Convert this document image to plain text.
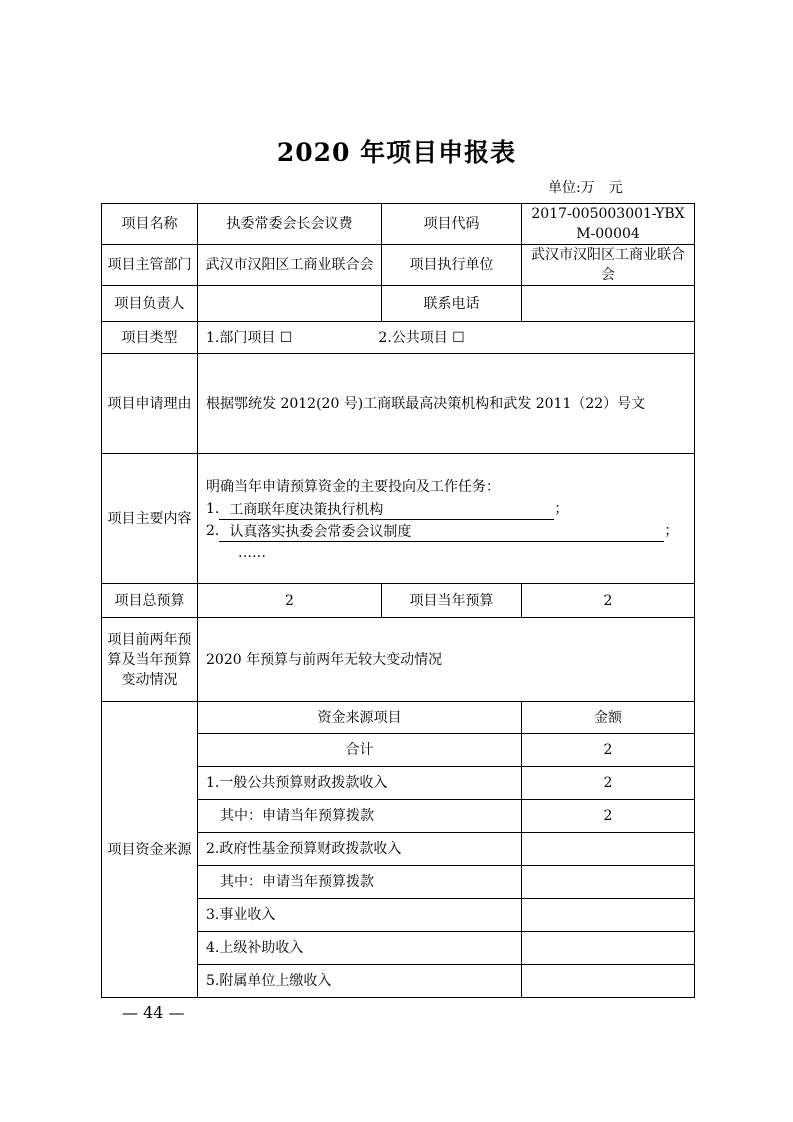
2020 年项目申报表
单位:万　元
项目名称	执委常委会长会议费	项目代码	2017-005003001-YBXM-00004
项目主管部门	武汉市汉阳区工商业联合会	项目执行单位	武汉市汉阳区工商业联合会
项目负责人		联系电话	
项目类型	1.部门项目 ☐ 2.公共项目 ☐		
项目申请理由	根据鄂统发 2012(20 号)工商联最高决策机构和武发 2011（22）号文		
项目主要内容	明确当年申请预算资金的主要投向及工作任务：
1. 工商联年度决策执行机构 ；
2. 认真落实执委会常委会议制度 ；
……		

项目总预算	2	项目当年预算	2
项目前两年预算及当年预算变动情况	2020 年预算与前两年无较大变动情况		
项目资金来源	资金来源项目		金额
	合计		2
	1.一般公共预算财政拨款收入		2
	其中：申请当年预算拨款		2
	2.政府性基金预算财政拨款收入		
	其中：申请当年预算拨款		
	3.事业收入		
	4.上级补助收入		
	5.附属单位上缴收入		
— 44 —
